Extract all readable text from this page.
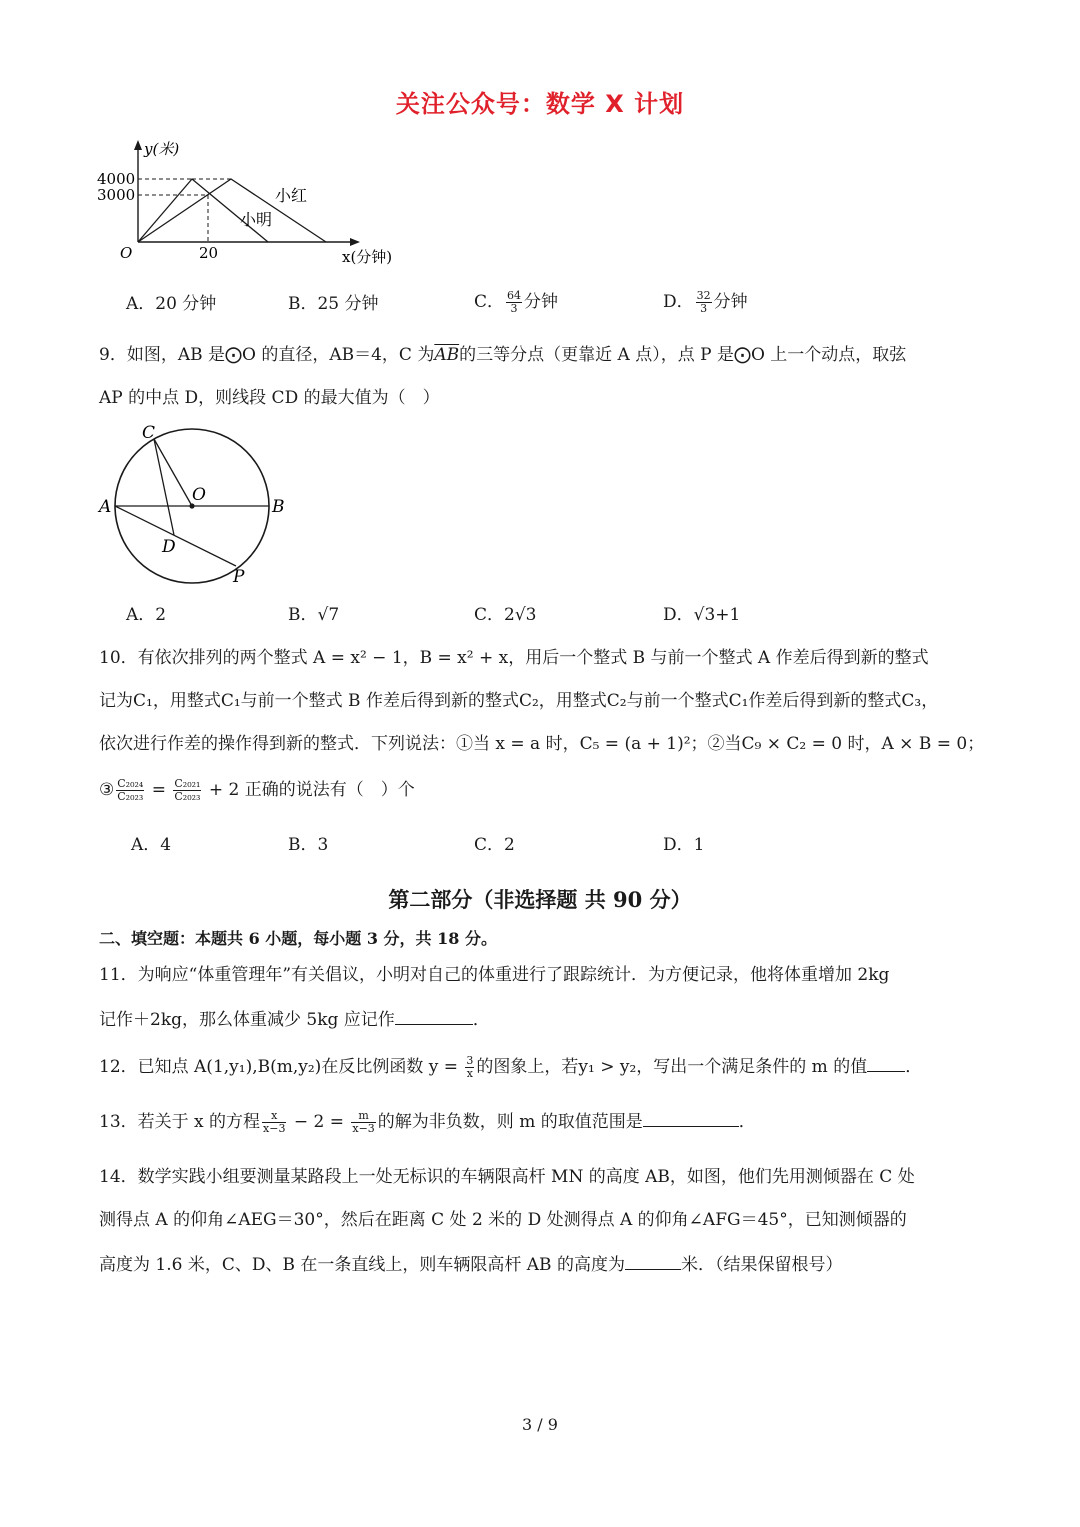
关注公众号：数学 X 计划
y(米)
4000
3000
O	20	x(分钟)
小红
小明
A．20 分钟	B．25 分钟	C． $\frac{64}{3}$ 分钟	D． $\frac{32}{3}$ 分钟
9．如图，AB 是⨀O 的直径，AB＝4，C 为$\overline{AB}$的三等分点（更靠近 A 点），点 P 是⨀O 上一个动点，取弦
AP 的中点 D，则线段 CD 的最大值为（　）
C
O
A	B
D
P
A．2	B．√7	C．2√3	D．√3+1
10．有依次排列的两个整式 A = x² − 1，B = x² + x，用后一个整式 B 与前一个整式 A 作差后得到新的整式
记为C₁，用整式C₁与前一个整式 B 作差后得到新的整式C₂，用整式C₂与前一个整式C₁作差后得到新的整式C₃，
依次进行作差的操作得到新的整式．下列说法：①当 x = a 时，C₅ = (a + 1)²；②当C₉ × C₂ = 0 时，A × B = 0；
③ $\frac{\text{C₂₀₂₄}}{\text{C₂₀₂₃}} = \frac{\text{C₂₀₂₁}}{\text{C₂₀₂₃}} + 2$ 正确的说法有（　）个
A．4	B．3	C．2	D．1
第二部分（非选择题 共 90 分）
二、填空题：本题共 6 小题，每小题 3 分，共 18 分。
11．为响应“体重管理年”有关倡议，小明对自己的体重进行了跟踪统计．为方便记录，他将体重增加 2kg
记作＋2kg，那么体重减少 5kg 应记作	．
12．已知点 A(1,y₁),B(m,y₂)在反比例函数 $y = \frac{3}{x}$ 的图象上，若y₁ > y₂，写出一个满足条件的 m 的值 ．
13．若关于 x 的方程 $\frac{x}{x-3} - 2 = \frac{m}{x-3}$ 的解为非负数，则 m 的取值范围是	．
14．数学实践小组要测量某路段上一处无标识的车辆限高杆 MN 的高度 AB，如图，他们先用测倾器在 C 处
测得点 A 的仰角∠AEG＝30°，然后在距离 C 处 2 米的 D 处测得点 A 的仰角∠AFG＝45°，已知测倾器的
高度为 1.6 米，C、D、B 在一条直线上，则车辆限高杆 AB 的高度为	米．（结果保留根号）
3 / 9
